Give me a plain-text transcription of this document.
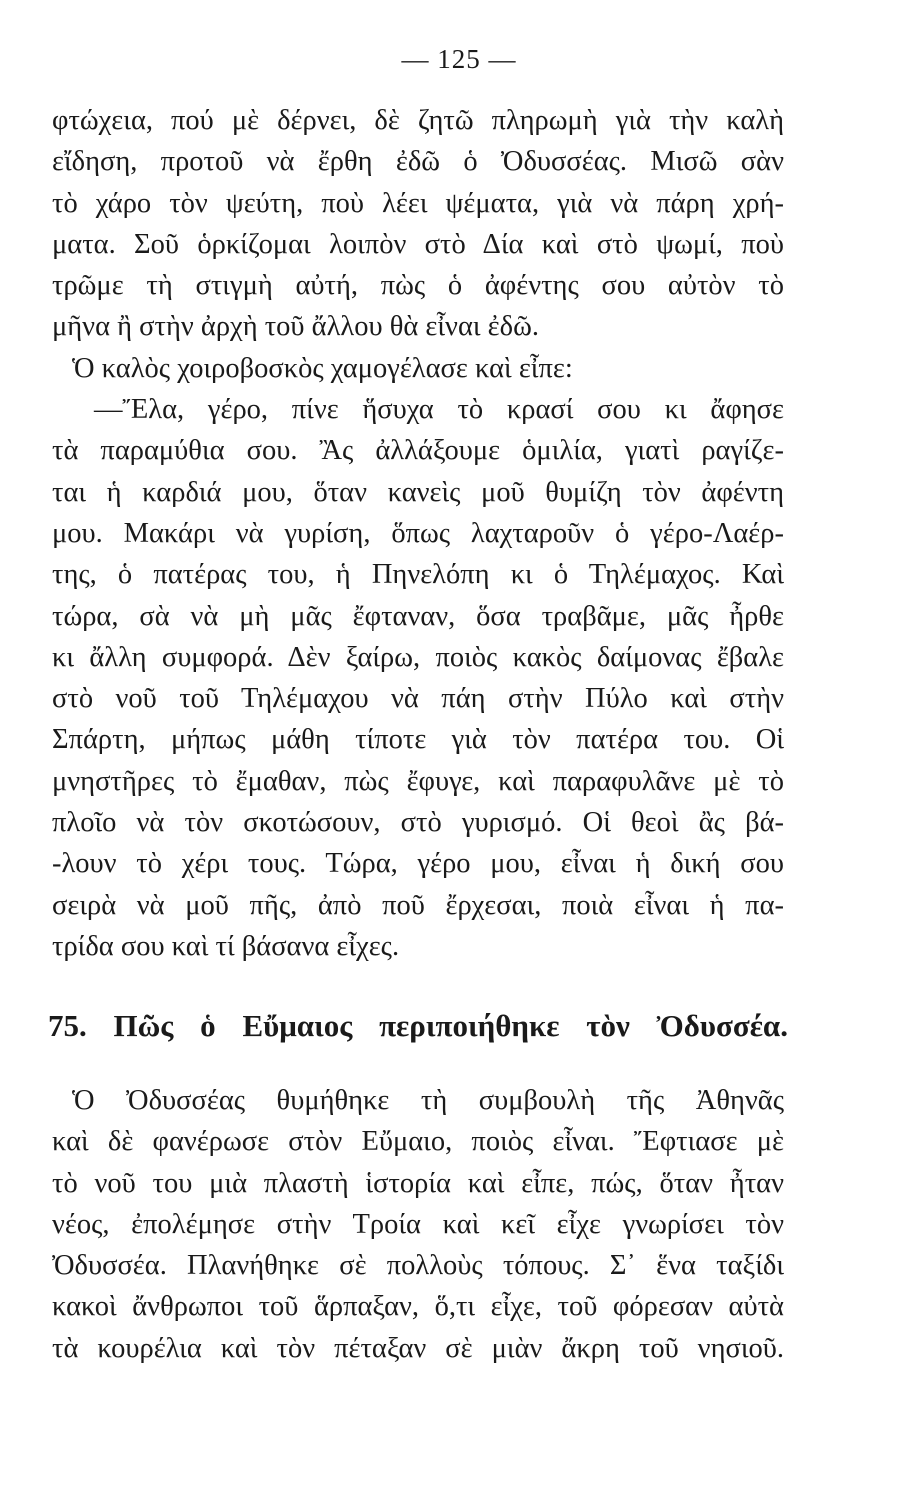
— 125 —
φτώχεια, πού μὲ δέρνει, δὲ ζητῶ πληρωμὴ γιὰ τὴν καλὴ
εἴδηση, προτοῦ νὰ ἔρθη ἐδῶ ὁ Ὀδυσσέας. Μισῶ σὰν
τὸ χάρο τὸν ψεύτη, ποὺ λέει ψέματα, γιὰ νὰ πάρη χρή-
ματα. Σοῦ ὁρκίζομαι λοιπὸν στὸ Δία καὶ στὸ ψωμί, ποὺ
τρῶμε τὴ στιγμὴ αὐτή, πὼς ὁ ἀφέντης σου αὐτὸν τὸ
μῆνα ἢ στὴν ἀρχὴ τοῦ ἄλλου θὰ εἶναι ἐδῶ.
Ὁ καλὸς χοιροβοσκὸς χαμογέλασε καὶ εἶπε:
—Ἔλα, γέρο, πίνε ἥσυχα τὸ κρασί σου κι ἄφησε
τὰ παραμύθια σου. Ἂς ἀλλάξουμε ὁμιλία, γιατὶ ραγίζε-
ται ἡ καρδιά μου, ὅταν κανεὶς μοῦ θυμίζη τὸν ἀφέντη
μου. Μακάρι νὰ γυρίση, ὅπως λαχταροῦν ὁ γέρο-Λαέρ-
της, ὁ πατέρας του, ἡ Πηνελόπη κι ὁ Τηλέμαχος. Καὶ
τώρα, σὰ νὰ μὴ μᾶς ἔφταναν, ὅσα τραβᾶμε, μᾶς ἦρθε
κι ἄλλη συμφορά. Δὲν ξαίρω, ποιὸς κακὸς δαίμονας ἔβαλε
στὸ νοῦ τοῦ Τηλέμαχου νὰ πάη στὴν Πύλο καὶ στὴν
Σπάρτη, μήπως μάθη τίποτε γιὰ τὸν πατέρα του. Οἱ
μνηστῆρες τὸ ἔμαθαν, πὼς ἔφυγε, καὶ παραφυλᾶνε μὲ τὸ
πλοῖο νὰ τὸν σκοτώσουν, στὸ γυρισμό. Οἱ θεοὶ ἂς βά-
-λουν τὸ χέρι τους. Τώρα, γέρο μου, εἶναι ἡ δική σου
σειρὰ νὰ μοῦ πῆς, ἀπὸ ποῦ ἔρχεσαι, ποιὰ εἶναι ἡ πα-
τρίδα σου καὶ τί βάσανα εἶχες.
75. Πῶς ὁ Εὔμαιος περιποιήθηκε τὸν Ὀδυσσέα.
Ὁ Ὀδυσσέας θυμήθηκε τὴ συμβουλὴ τῆς Ἀθηνᾶς
καὶ δὲ φανέρωσε στὸν Εὔμαιο, ποιὸς εἶναι. Ἔφτιασε μὲ
τὸ νοῦ του μιὰ πλαστὴ ἱστορία καὶ εἶπε, πώς, ὅταν ἦταν
νέος, ἐπολέμησε στὴν Τροία καὶ κεῖ εἶχε γνωρίσει τὸν
Ὀδυσσέα. Πλανήθηκε σὲ πολλοὺς τόπους. Σ᾽ ἕνα ταξίδι
κακοὶ ἄνθρωποι τοῦ ἅρπαξαν, ὅ,τι εἶχε, τοῦ φόρεσαν αὐτὰ
τὰ κουρέλια καὶ τὸν πέταξαν σὲ μιὰν ἄκρη τοῦ νησιοῦ.
